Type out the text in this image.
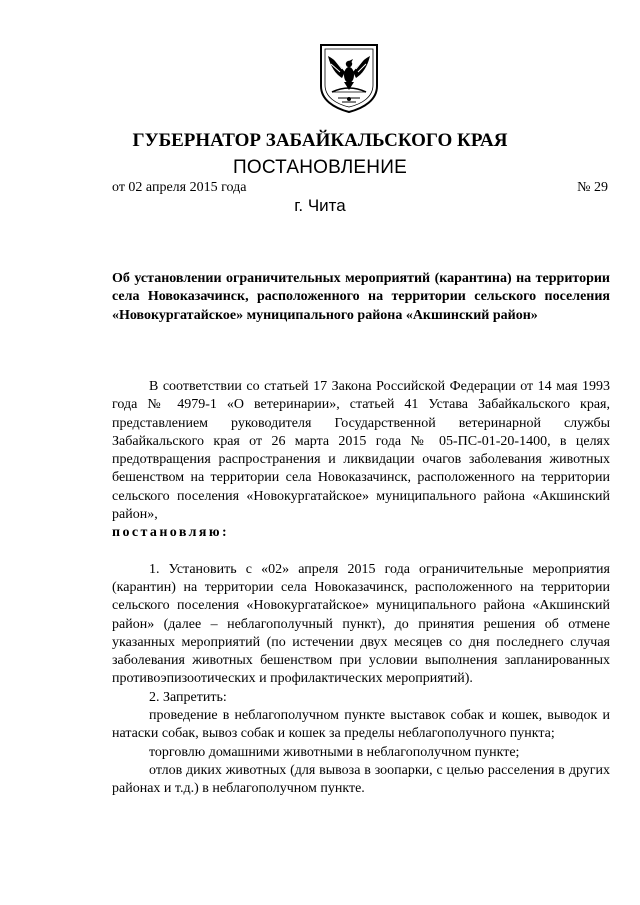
ГУБЕРНАТОР ЗАБАЙКАЛЬСКОГО КРАЯ
ПОСТАНОВЛЕНИЕ
от 02 апреля 2015 года	№ 29
г. Чита
Об установлении ограничительных мероприятий (карантина) на территории села Новоказачинск, расположенного на территории сельского поселения «Новокургатайское» муниципального района «Акшинский район»

В соответствии со статьей 17 Закона Российской Федерации от 14 мая 1993 года № 4979-1 «О ветеринарии», статьей 41 Устава Забайкальского края, представлением руководителя Государственной ветеринарной службы Забайкальского края от 26 марта 2015 года № 05-ПС-01-20-1400, в целях предотвращения распространения и ликвидации очагов заболевания животных бешенством на территории села Новоказачинск, расположенного на территории сельского поселения «Новокургатайское» муниципального района «Акшинский район»,
постановляю:

1. Установить с «02» апреля 2015 года ограничительные мероприятия (карантин) на территории села Новоказачинск, расположенного на территории сельского поселения «Новокургатайское» муниципального района «Акшинский район» (далее – неблагополучный пункт), до принятия решения об отмене указанных мероприятий (по истечении двух месяцев со дня последнего случая заболевания животных бешенством при условии выполнения запланированных противоэпизоотических и профилактических мероприятий).

2. Запретить:

проведение в неблагополучном пункте выставок собак и кошек, выводок и натаски собак, вывоз собак и кошек за пределы неблагополучного пункта;

торговлю домашними животными в неблагополучном пункте;

отлов диких животных (для вывоза в зоопарки, с целью расселения в других районах и т.д.) в неблагополучном пункте.
